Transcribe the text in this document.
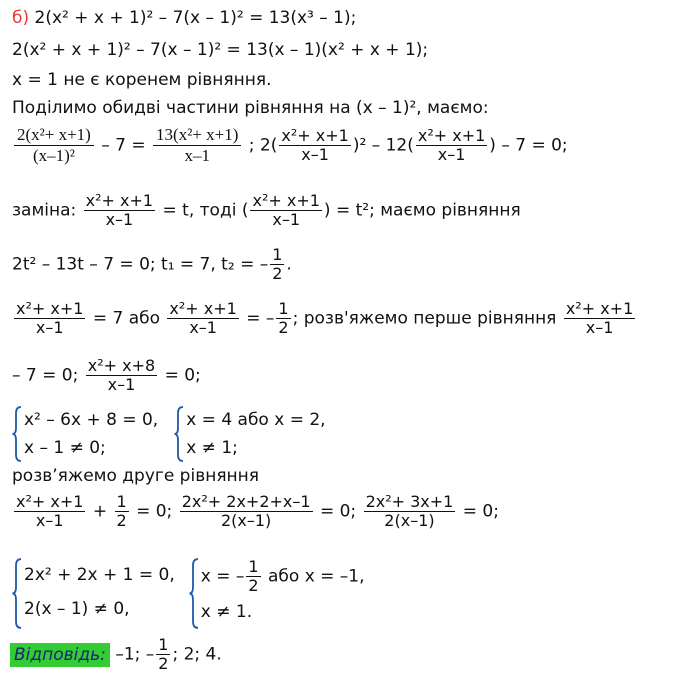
б) 2(x² + x + 1)² – 7(x – 1)² = 13(x³ – 1);
2(x² + x + 1)² – 7(x – 1)² = 13(x – 1)(x² + x + 1);
x = 1 не є коренем рівняння.
Поділимо обидві частини рівняння на (x – 1)², маємо:
$\frac{\text{2(x²+ x+1)}}{\text{(x–1)²}} - 7 = \frac{\text{13(x²+ x+1)}}{x-1}$ ; $2( \frac{\text{x²+ x+1}}{x-1} )^2 - 12( \frac{\text{x²+ x+1}}{x-1}$ ) – 7 = 0;
заміна: $\frac{\text{x²+ x+1}}{x-1} = t$, тоді ( $\frac{\text{x²+ x+1}}{x-1}$ ) = t²; маємо рівняння
2t² – 13t – 7 = 0; t₁ = 7, t₂ = – $\frac{1}{2}$ .
$\frac{\text{x²+ x+1}}{x-1} = 7$ або $\frac{\text{x²+ x+1}}{x-1}$ = – $\frac{1}{2}$ ; розв'яжемо перше рівняння $\frac{\text{x²+ x+1}}{x-1}$
– 7 = 0; $\frac{\text{x²+ x+8}}{x-1} = 0$;
x² – 6x + 8 = 0,
x – 1 ≠ 0;
x = 4 або x = 2,
x ≠ 1;
розв’яжемо друге рівняння
$\frac{\text{x²+ x+1}}{x-1} + \frac{1}{2} = 0$; $\frac{\text{2x²+ 2x+2+x–1}}{2(x-1)} = 0$; $\frac{\text{2x²+ 3x+1}}{2(x-1)} = 0$;
2x² + 2x + 1 = 0,
2(x – 1) ≠ 0,
x = – $\frac{1}{2}$ або x = –1,
x ≠ 1.
Відповідь: –1; – $\frac{1}{2}$ ; 2; 4.
